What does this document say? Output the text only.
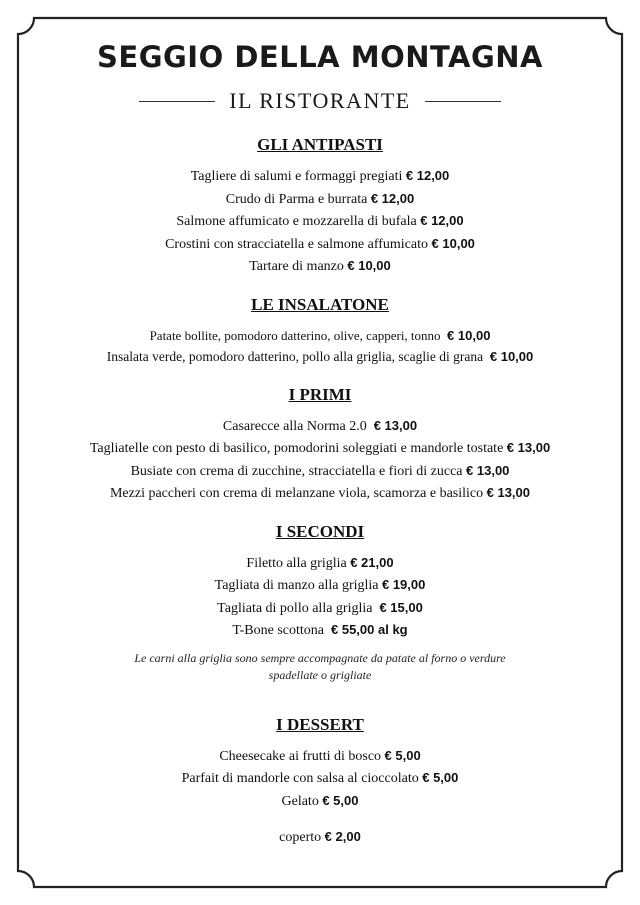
SEGGIO DELLA MONTAGNA
IL RISTORANTE
GLI ANTIPASTI
Tagliere di salumi e formaggi pregiati € 12,00
Crudo di Parma e burrata € 12,00
Salmone affumicato e mozzarella di bufala € 12,00
Crostini con stracciatella e salmone affumicato € 10,00
Tartare di manzo € 10,00
LE INSALATONE
Patate bollite, pomodoro datterino, olive, capperi, tonno € 10,00
Insalata verde, pomodoro datterino, pollo alla griglia, scaglie di grana € 10,00
I PRIMI
Casarecce alla Norma 2.0 € 13,00
Tagliatelle con pesto di basilico, pomodorini soleggiati e mandorle tostate € 13,00
Busiate con crema di zucchine, stracciatella e fiori di zucca € 13,00
Mezzi paccheri con crema di melanzane viola, scamorza e basilico € 13,00
I SECONDI
Filetto alla griglia € 21,00
Tagliata di manzo alla griglia € 19,00
Tagliata di pollo alla griglia € 15,00
T-Bone scottona € 55,00 al kg
Le carni alla griglia sono sempre accompagnate da patate al forno o verdure spadellate o grigliate
I DESSERT
Cheesecake ai frutti di bosco € 5,00
Parfait di mandorle con salsa al cioccolato € 5,00
Gelato € 5,00
coperto € 2,00
